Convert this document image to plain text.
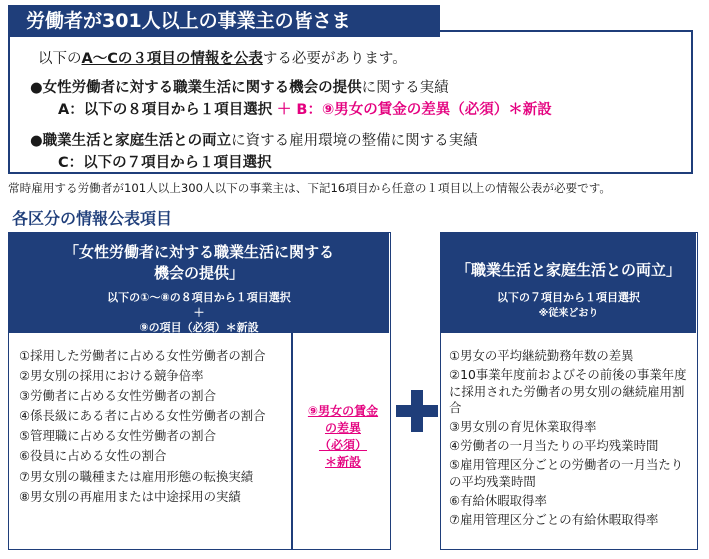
労働者が301人以上の事業主の皆さま
以下のA～Cの３項目の情報を公表する必要があります。
●女性労働者に対する職業生活に関する機会の提供に関する実績
A：以下の８項目から１項目選択 ＋ B：⑨男女の賃金の差異（必須）＊新設
●職業生活と家庭生活との両立に資する雇用環境の整備に関する実績
C：以下の７項目から１項目選択
常時雇用する労働者が101人以上300人以下の事業主は、下記16項目から任意の１項目以上の情報公表が必要です。
各区分の情報公表項目
「女性労働者に対する職業生活に関する
機会の提供」
以下の①～⑧の８項目から１項目選択
＋
⑨の項目（必須）＊新設
①採用した労働者に占める女性労働者の割合
②男女別の採用における競争倍率
③労働者に占める女性労働者の割合
④係長級にある者に占める女性労働者の割合
⑤管理職に占める女性労働者の割合
⑥役員に占める女性の割合
⑦男女別の職種または雇用形態の転換実績
⑧男女別の再雇用または中途採用の実績
⑨男女の賃金
の差異
（必須）
＊新設
「職業生活と家庭生活との両立」
以下の７項目から１項目選択
※従来どおり
①男女の平均継続勤務年数の差異
②10事業年度前およびその前後の事業年度に採用された労働者の男女別の継続雇用割合
③男女別の育児休業取得率
④労働者の一月当たりの平均残業時間
⑤雇用管理区分ごとの労働者の一月当たりの平均残業時間
⑥有給休暇取得率
⑦雇用管理区分ごとの有給休暇取得率
